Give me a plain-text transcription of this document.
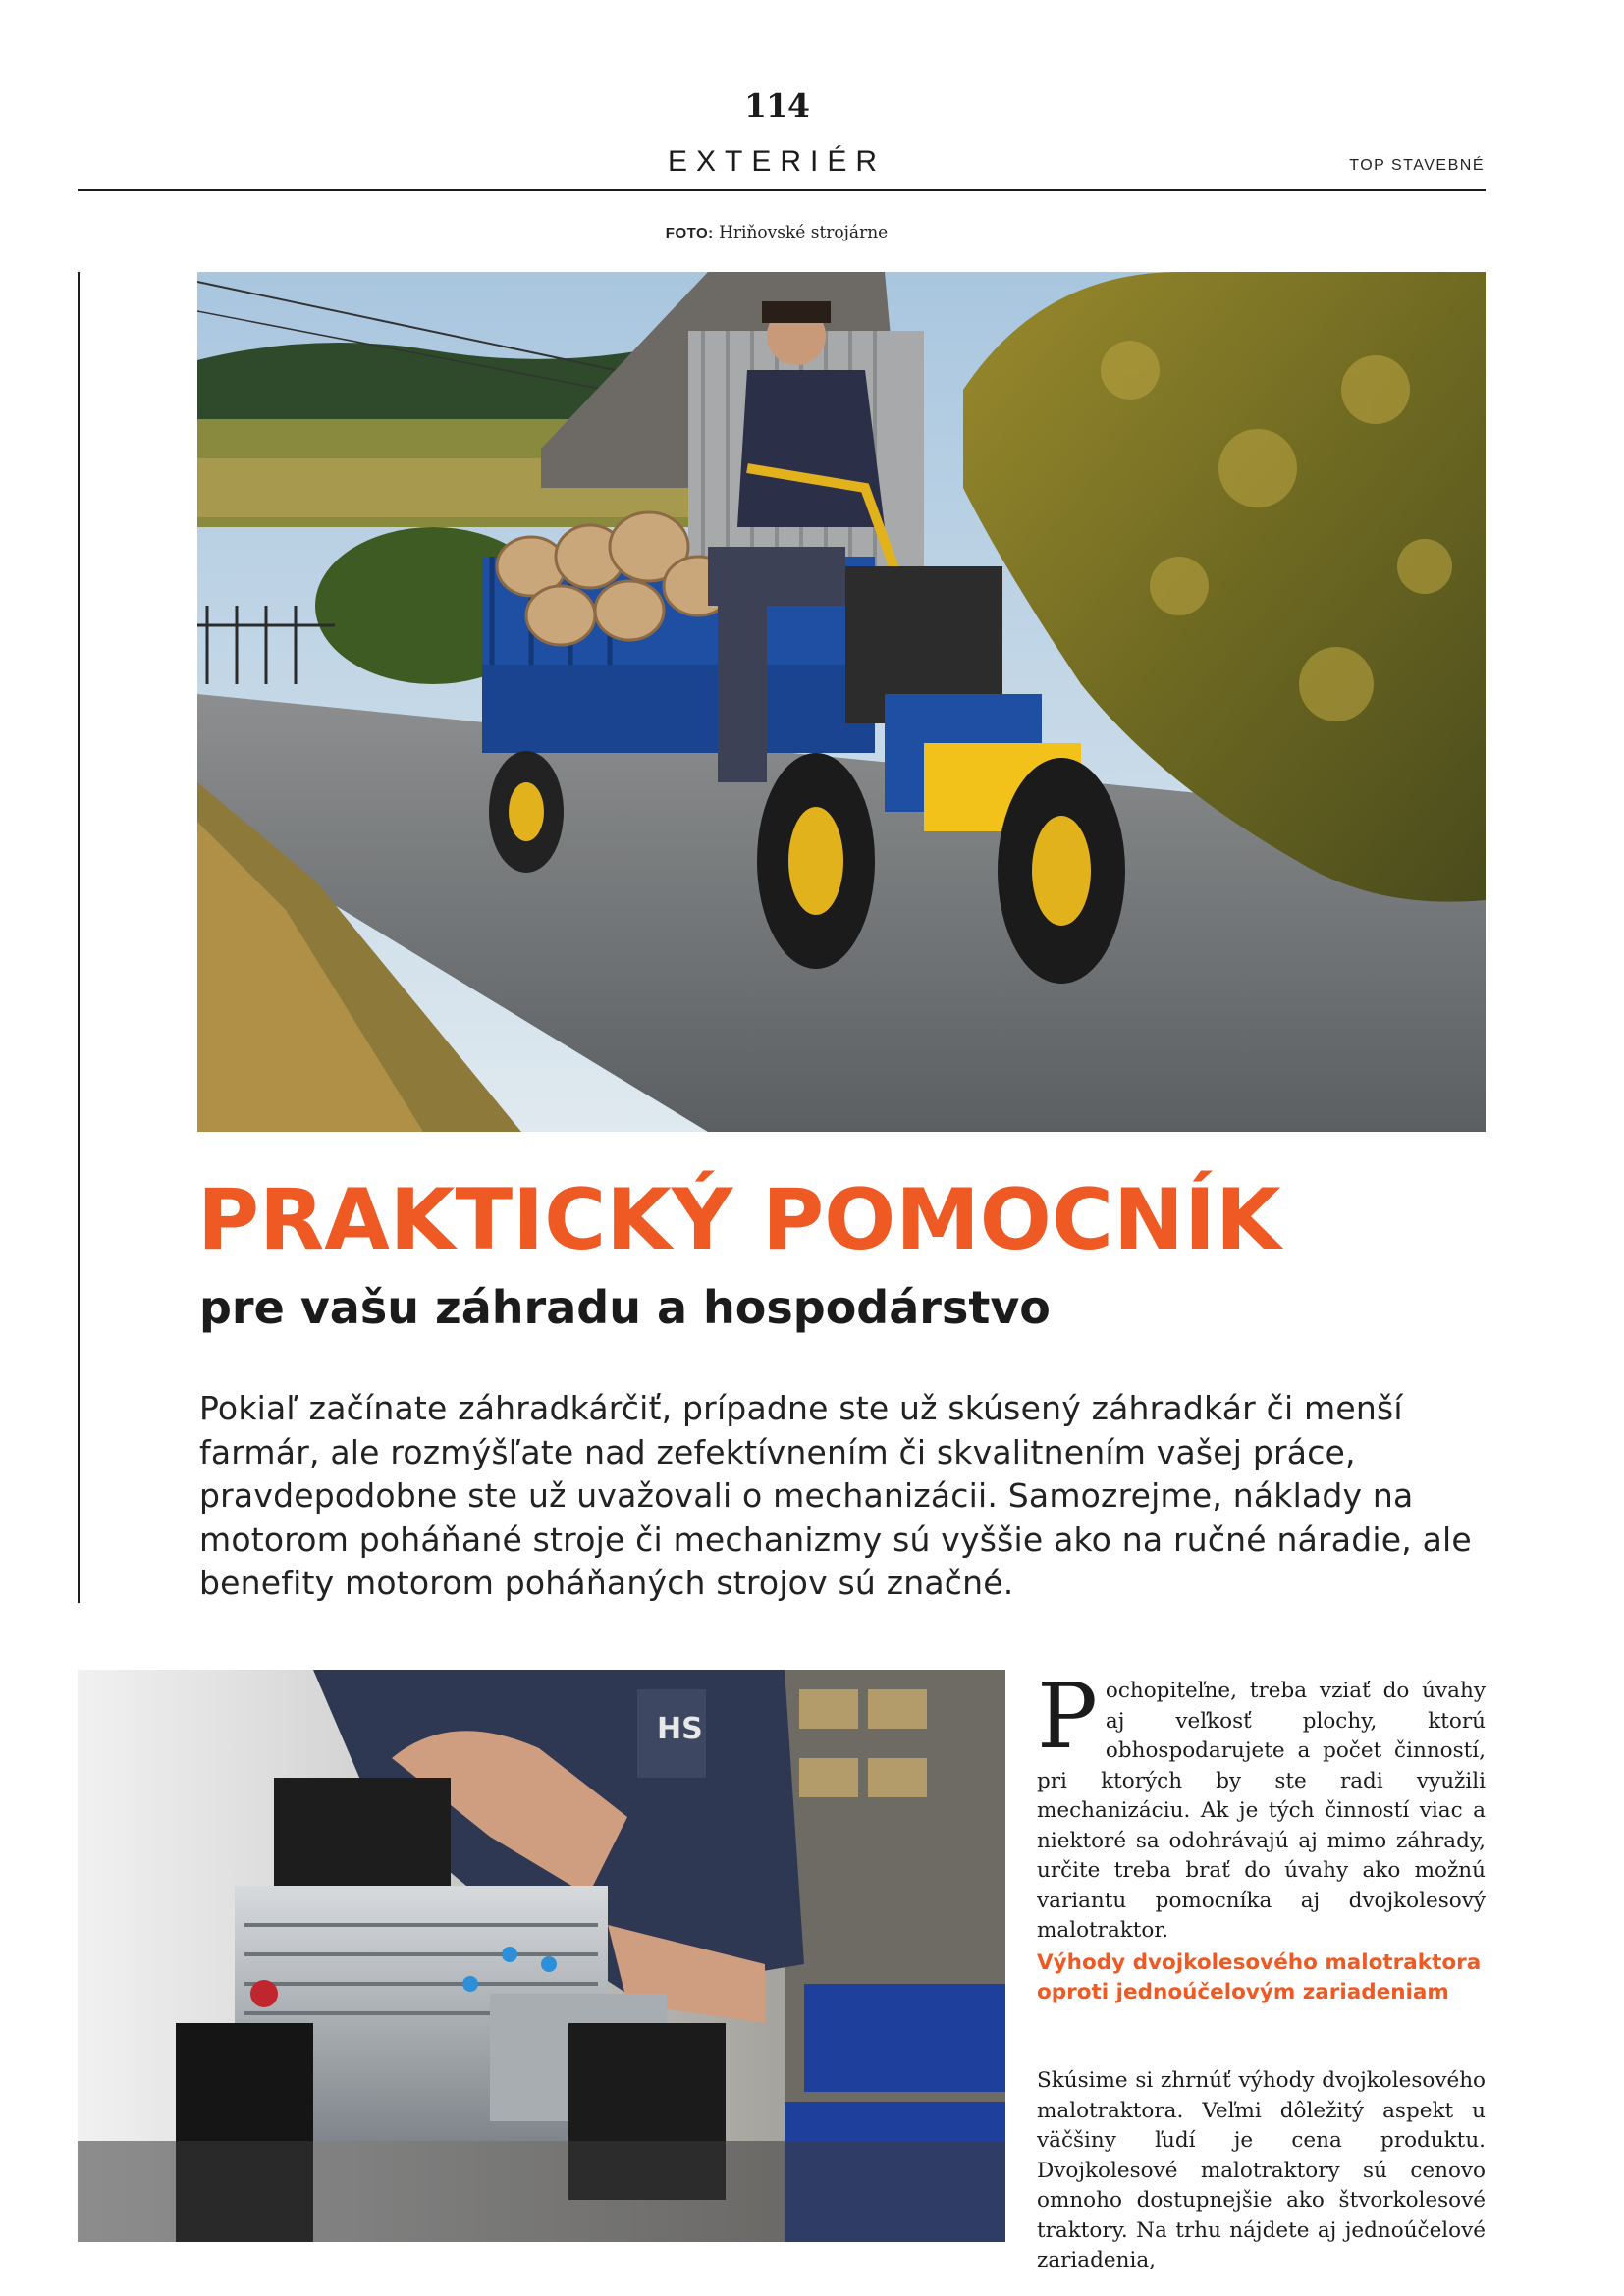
114
EXTERIÉR	TOP STAVEBNÉ
FOTO: Hriňovské strojárne
PRAKTICKÝ POMOCNÍK
pre vašu záhradu a hospodárstvo
Pokiaľ začínate záhradkárčiť, prípadne ste už skúsený záhradkár či menší farmár, ale rozmýšľate nad zefektívnením či skvalitnením vašej práce, pravdepodobne ste už uvažovali o mechanizácii. Samozrejme, náklady na motorom poháňané stroje či mechanizmy sú vyššie ako na ručné náradie, ale benefity motorom poháňaných strojov sú značné.
HS	Pochopiteľne, treba vziať do úvahy aj veľkosť plochy, ktorú obhospodarujete a počet činností, pri ktorých by ste radi využili mechanizáciu. Ak je tých činností viac a niektoré sa odohrávajú aj mimo záhrady, určite treba brať do úvahy ako možnú variantu pomocníka aj dvojkolesový malotraktor.
Výhody dvojkolesového malotraktora oproti jednoúčelovým zariadeniam
Skúsime si zhrnúť výhody dvojkolesového malotraktora. Veľmi dôležitý aspekt u väčšiny ľudí je cena produktu. Dvojkolesové malotraktory sú cenovo omnoho dostupnejšie ako štvorkolesové traktory. Na trhu nájdete aj jednoúčelové zariadenia,
